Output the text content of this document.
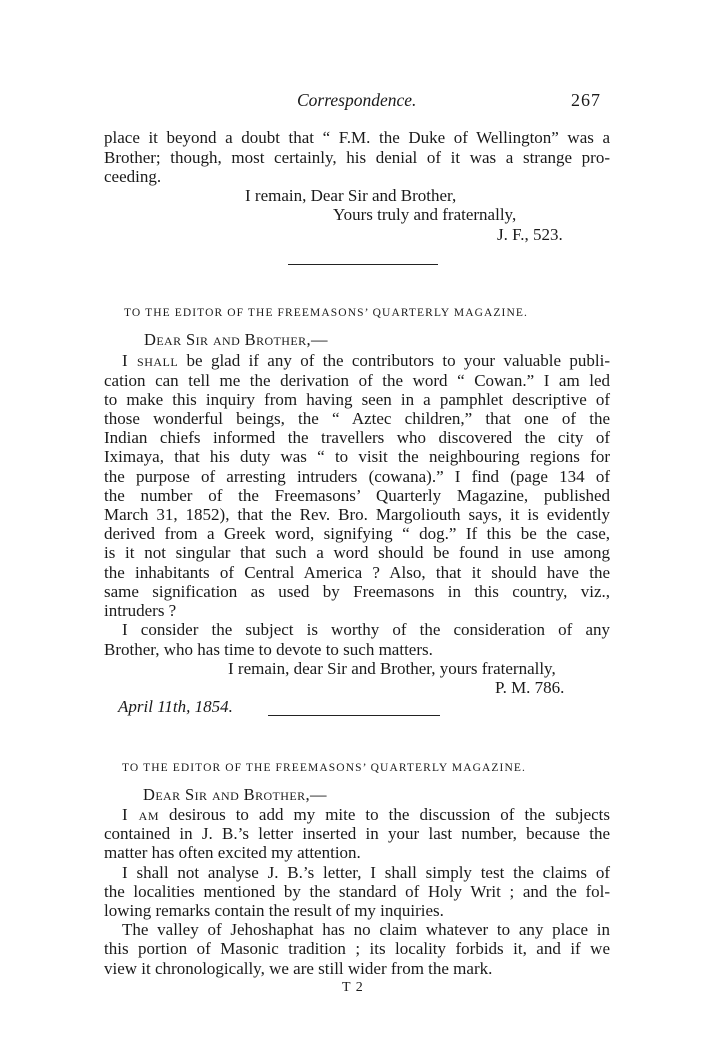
Correspondence.	267
place it beyond a doubt that “ F.M. the Duke of Wellington” was a
Brother; though, most certainly, his denial of it was a strange pro-
ceeding.
I remain, Dear Sir and Brother,
Yours truly and fraternally,
J. F., 523.
TO THE EDITOR OF THE FREEMASONS’ QUARTERLY MAGAZINE.
Dear Sir and Brother,—
I shall be glad if any of the contributors to your valuable publi-
cation can tell me the derivation of the word “ Cowan.” I am led
to make this inquiry from having seen in a pamphlet descriptive of
those wonderful beings, the “ Aztec children,” that one of the
Indian chiefs informed the travellers who discovered the city of
Iximaya, that his duty was “ to visit the neighbouring regions for
the purpose of arresting intruders (cowana).” I find (page 134 of
the number of the Freemasons’ Quarterly Magazine, published
March 31, 1852), that the Rev. Bro. Margoliouth says, it is evidently
derived from a Greek word, signifying “ dog.” If this be the case,
is it not singular that such a word should be found in use among
the inhabitants of Central America ? Also, that it should have the
same signification as used by Freemasons in this country, viz.,
intruders ?
I consider the subject is worthy of the consideration of any
Brother, who has time to devote to such matters.
I remain, dear Sir and Brother, yours fraternally,
P. M. 786.
April 11th, 1854.
TO THE EDITOR OF THE FREEMASONS’ QUARTERLY MAGAZINE.
Dear Sir and Brother,—
I am desirous to add my mite to the discussion of the subjects
contained in J. B.’s letter inserted in your last number, because the
matter has often excited my attention.
I shall not analyse J. B.’s letter, I shall simply test the claims of
the localities mentioned by the standard of Holy Writ ; and the fol-
lowing remarks contain the result of my inquiries.
The valley of Jehoshaphat has no claim whatever to any place in
this portion of Masonic tradition ; its locality forbids it, and if we
view it chronologically, we are still wider from the mark.
T 2
